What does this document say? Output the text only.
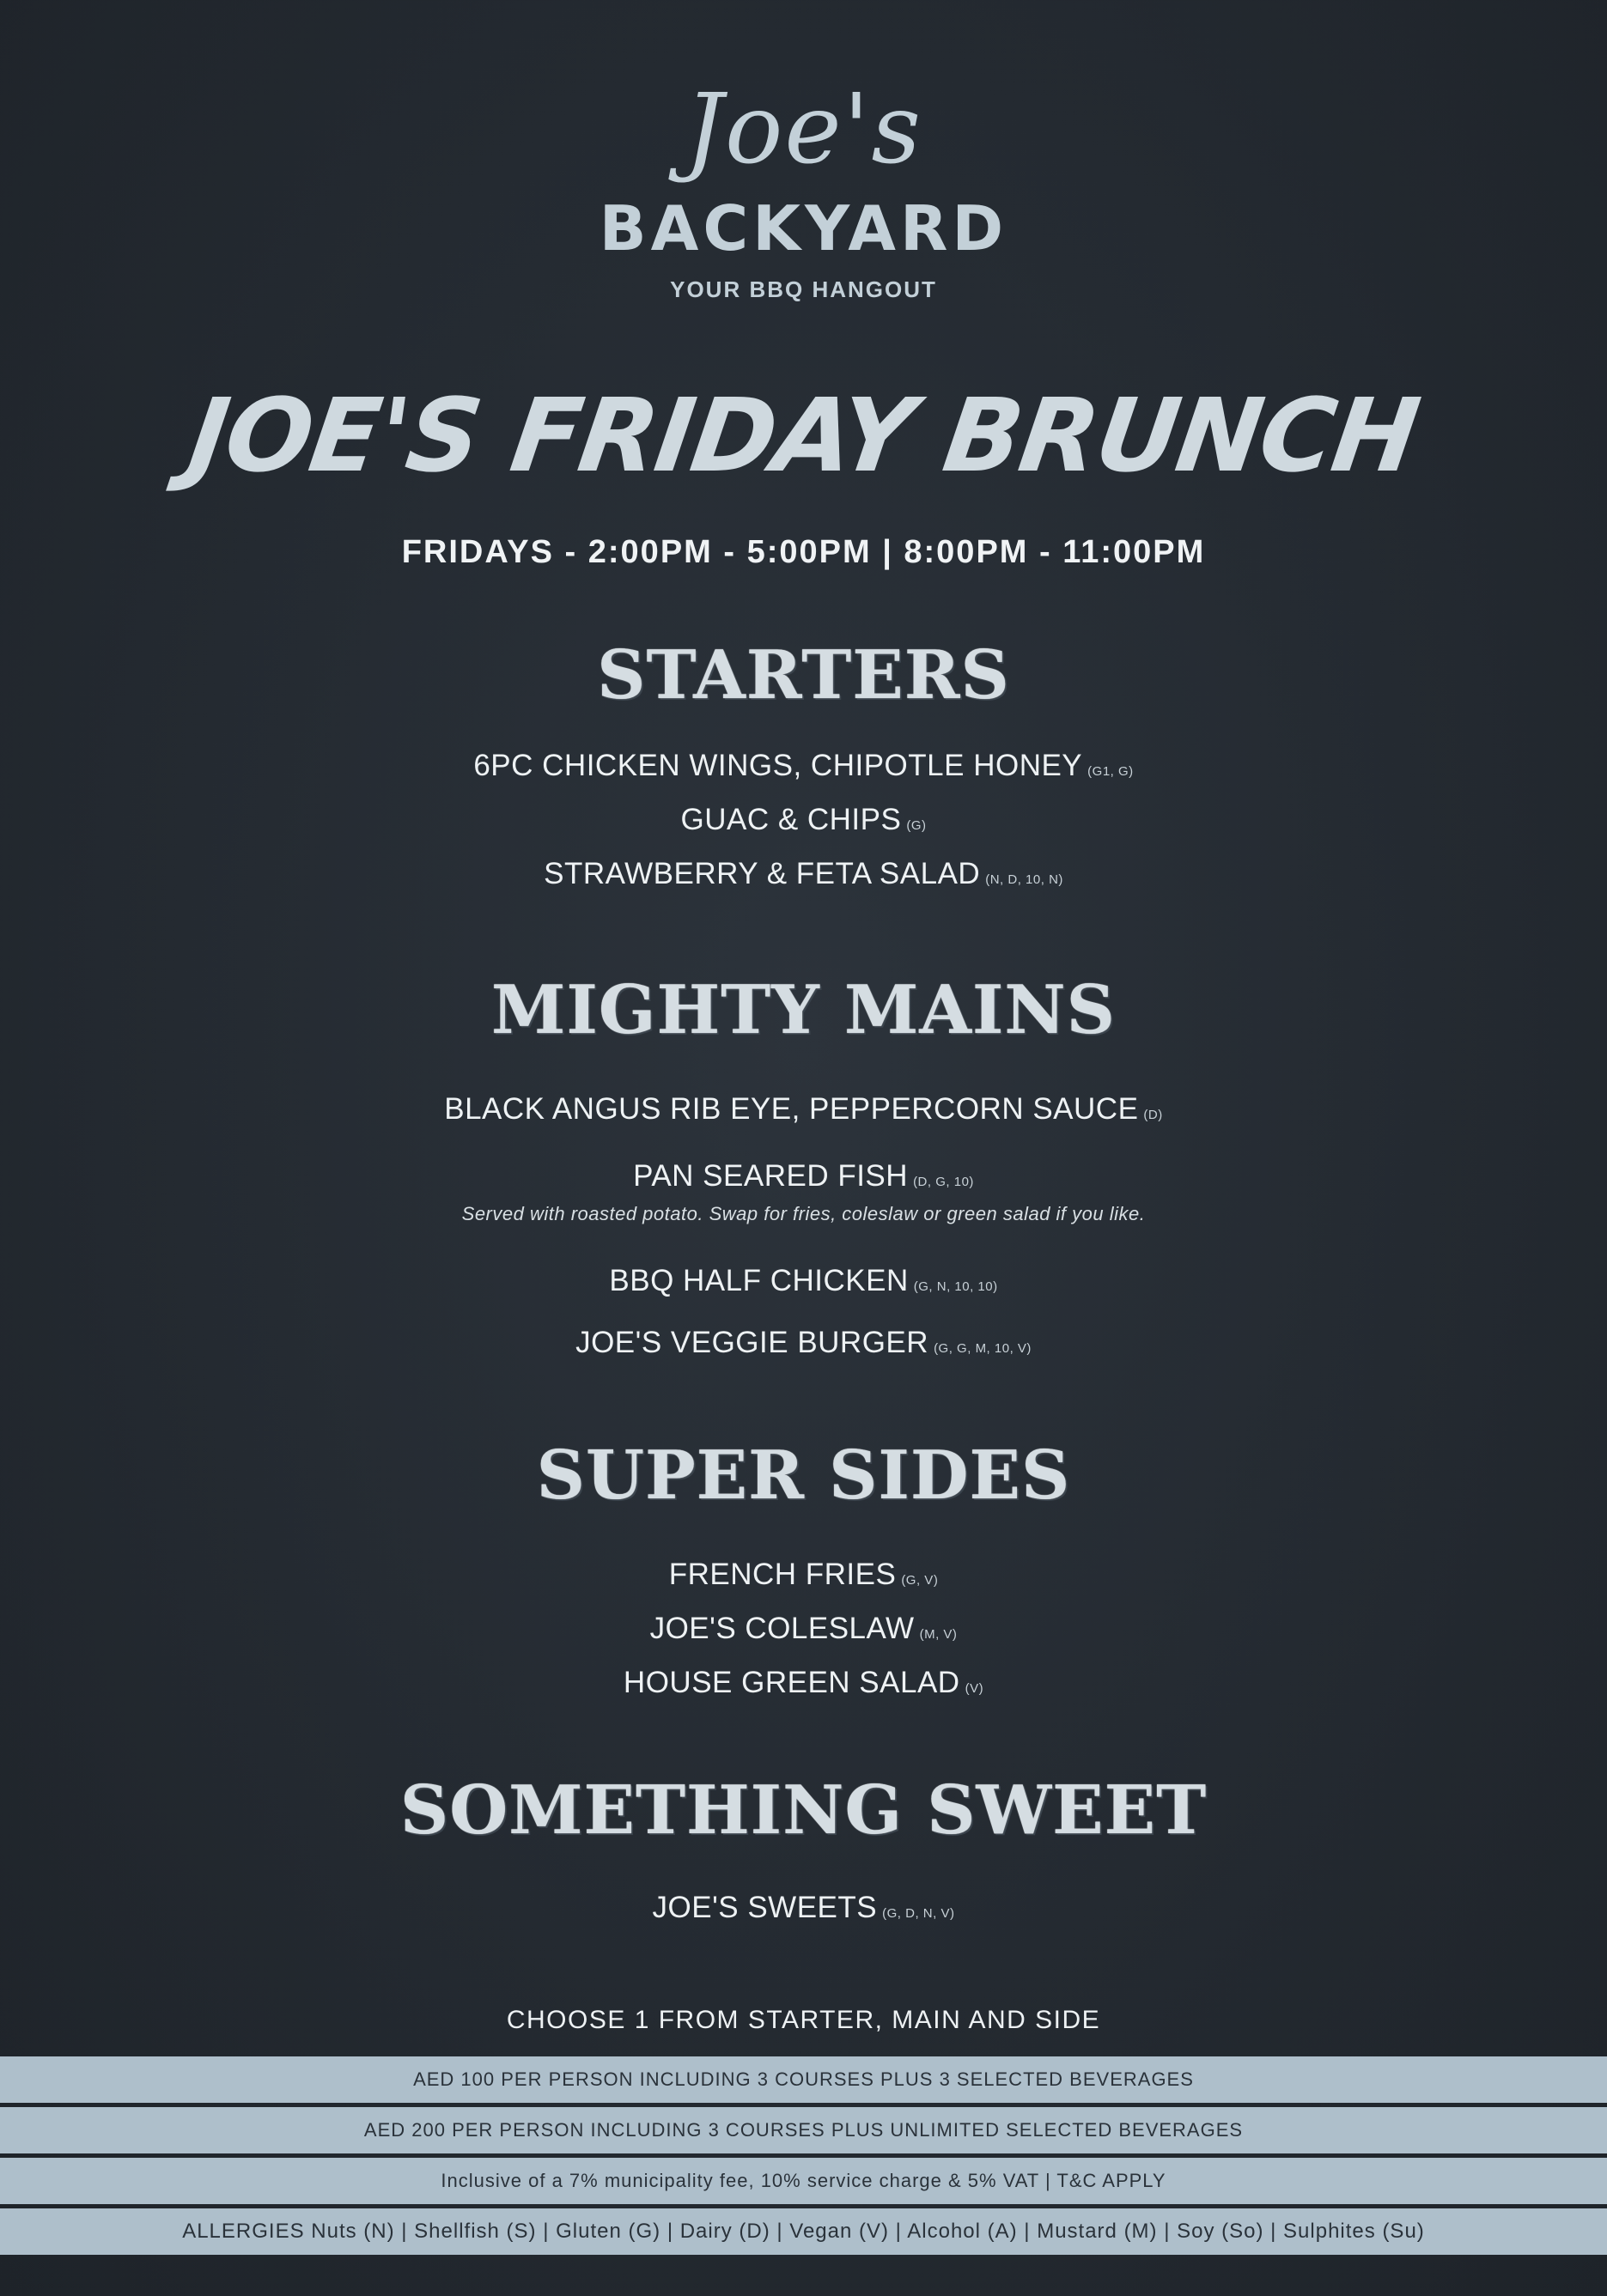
Joe's
BACKYARD
YOUR BBQ HANGOUT
JOE'S FRIDAY BRUNCH
FRIDAYS - 2:00PM - 5:00PM | 8:00PM - 11:00PM
STARTERS
6PC CHICKEN WINGS, CHIPOTLE HONEY (G1, G)
GUAC & CHIPS (G)
STRAWBERRY & FETA SALAD (N, D, 10, N)
MIGHTY MAINS
BLACK ANGUS RIB EYE, PEPPERCORN SAUCE (D)
PAN SEARED FISH (D, G, 10)
Served with roasted potato. Swap for fries, coleslaw or green salad if you like.
BBQ HALF CHICKEN (G, N, 10, 10)
JOE'S VEGGIE BURGER (G, G, M, 10, V)
SUPER SIDES
FRENCH FRIES (G, V)
JOE'S COLESLAW (M, V)
HOUSE GREEN SALAD (V)
SOMETHING SWEET
JOE'S SWEETS (G, D, N, V)
CHOOSE 1 FROM STARTER, MAIN AND SIDE
AED 100 PER PERSON INCLUDING 3 COURSES PLUS 3 SELECTED BEVERAGES
AED 200 PER PERSON INCLUDING 3 COURSES PLUS UNLIMITED SELECTED BEVERAGES
Inclusive of a 7% municipality fee, 10% service charge & 5% VAT | T&C APPLY
ALLERGIES Nuts (N) | Shellfish (S) | Gluten (G) | Dairy (D) | Vegan (V) | Alcohol (A) | Mustard (M) | Soy (So) | Sulphites (Su)
